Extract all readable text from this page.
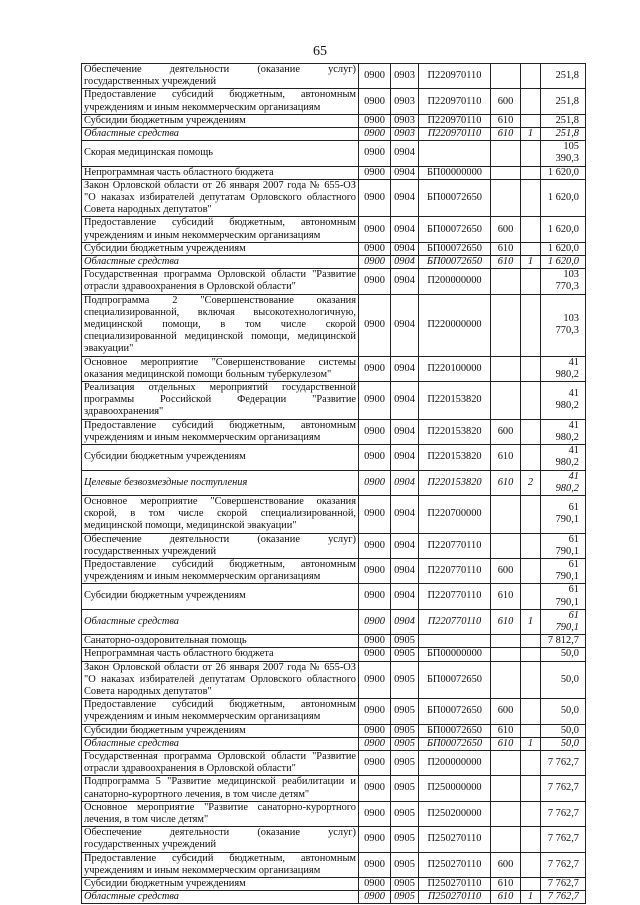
65
Обеспечение деятельности (оказание услуг) государственных учреждений	0900	0903	П220970110			251,8
Предоставление субсидий бюджетным, автономным учреждениям и иным некоммерческим организациям	0900	0903	П220970110	600		251,8
Субсидии бюджетным учреждениям	0900	0903	П220970110	610		251,8
Областные средства	0900	0903	П220970110	610	1	251,8
Скорая медицинская помощь	0900	0904				105 390,3
Непрограммная часть областного бюджета	0900	0904	БП00000000			1 620,0
Закон Орловской области от 26 января 2007 года № 655-ОЗ "О наказах избирателей депутатам Орловского областного Совета народных депутатов"	0900	0904	БП00072650			1 620,0
Предоставление субсидий бюджетным, автономным учреждениям и иным некоммерческим организациям	0900	0904	БП00072650	600		1 620,0
Субсидии бюджетным учреждениям	0900	0904	БП00072650	610		1 620,0
Областные средства	0900	0904	БП00072650	610	1	1 620,0
Государственная программа Орловской области "Развитие отрасли здравоохранения в Орловской области"	0900	0904	П200000000			103 770,3
Подпрограмма 2 "Совершенствование оказания специализированной, включая высокотехнологичную, медицинской помощи, в том числе скорой специализированной медицинской помощи, медицинской эвакуации"	0900	0904	П220000000			103 770,3
Основное мероприятие "Совершенствование системы оказания медицинской помощи больным туберкулезом"	0900	0904	П220100000			41 980,2
Реализация отдельных мероприятий государственной программы Российской Федерации "Развитие здравоохранения"	0900	0904	П220153820			41 980,2
Предоставление субсидий бюджетным, автономным учреждениям и иным некоммерческим организациям	0900	0904	П220153820	600		41 980,2
Субсидии бюджетным учреждениям	0900	0904	П220153820	610		41 980,2
Целевые безвозмездные поступления	0900	0904	П220153820	610	2	41 980,2
Основное мероприятие "Совершенствование оказания скорой, в том числе скорой специализированной, медицинской помощи, медицинской эвакуации"	0900	0904	П220700000			61 790,1
Обеспечение деятельности (оказание услуг) государственных учреждений	0900	0904	П220770110			61 790,1
Предоставление субсидий бюджетным, автономным учреждениям и иным некоммерческим организациям	0900	0904	П220770110	600		61 790,1
Субсидии бюджетным учреждениям	0900	0904	П220770110	610		61 790,1
Областные средства	0900	0904	П220770110	610	1	61 790,1
Санаторно-оздоровительная помощь	0900	0905				7 812,7
Непрограммная часть областного бюджета	0900	0905	БП00000000			50,0
Закон Орловской области от 26 января 2007 года № 655-ОЗ "О наказах избирателей депутатам Орловского областного Совета народных депутатов"	0900	0905	БП00072650			50,0
Предоставление субсидий бюджетным, автономным учреждениям и иным некоммерческим организациям	0900	0905	БП00072650	600		50,0
Субсидии бюджетным учреждениям	0900	0905	БП00072650	610		50,0
Областные средства	0900	0905	БП00072650	610	1	50,0
Государственная программа Орловской области "Развитие отрасли здравоохранения в Орловской области"	0900	0905	П200000000			7 762,7
Подпрограмма 5 "Развитие медицинской реабилитации и санаторно-курортного лечения, в том числе детям"	0900	0905	П250000000			7 762,7
Основное мероприятие "Развитие санаторно-курортного лечения, в том числе детям"	0900	0905	П250200000			7 762,7
Обеспечение деятельности (оказание услуг) государственных учреждений	0900	0905	П250270110			7 762,7
Предоставление субсидий бюджетным, автономным учреждениям и иным некоммерческим организациям	0900	0905	П250270110	600		7 762,7
Субсидии бюджетным учреждениям	0900	0905	П250270110	610		7 762,7
Областные средства	0900	0905	П250270110	610	1	7 762,7
